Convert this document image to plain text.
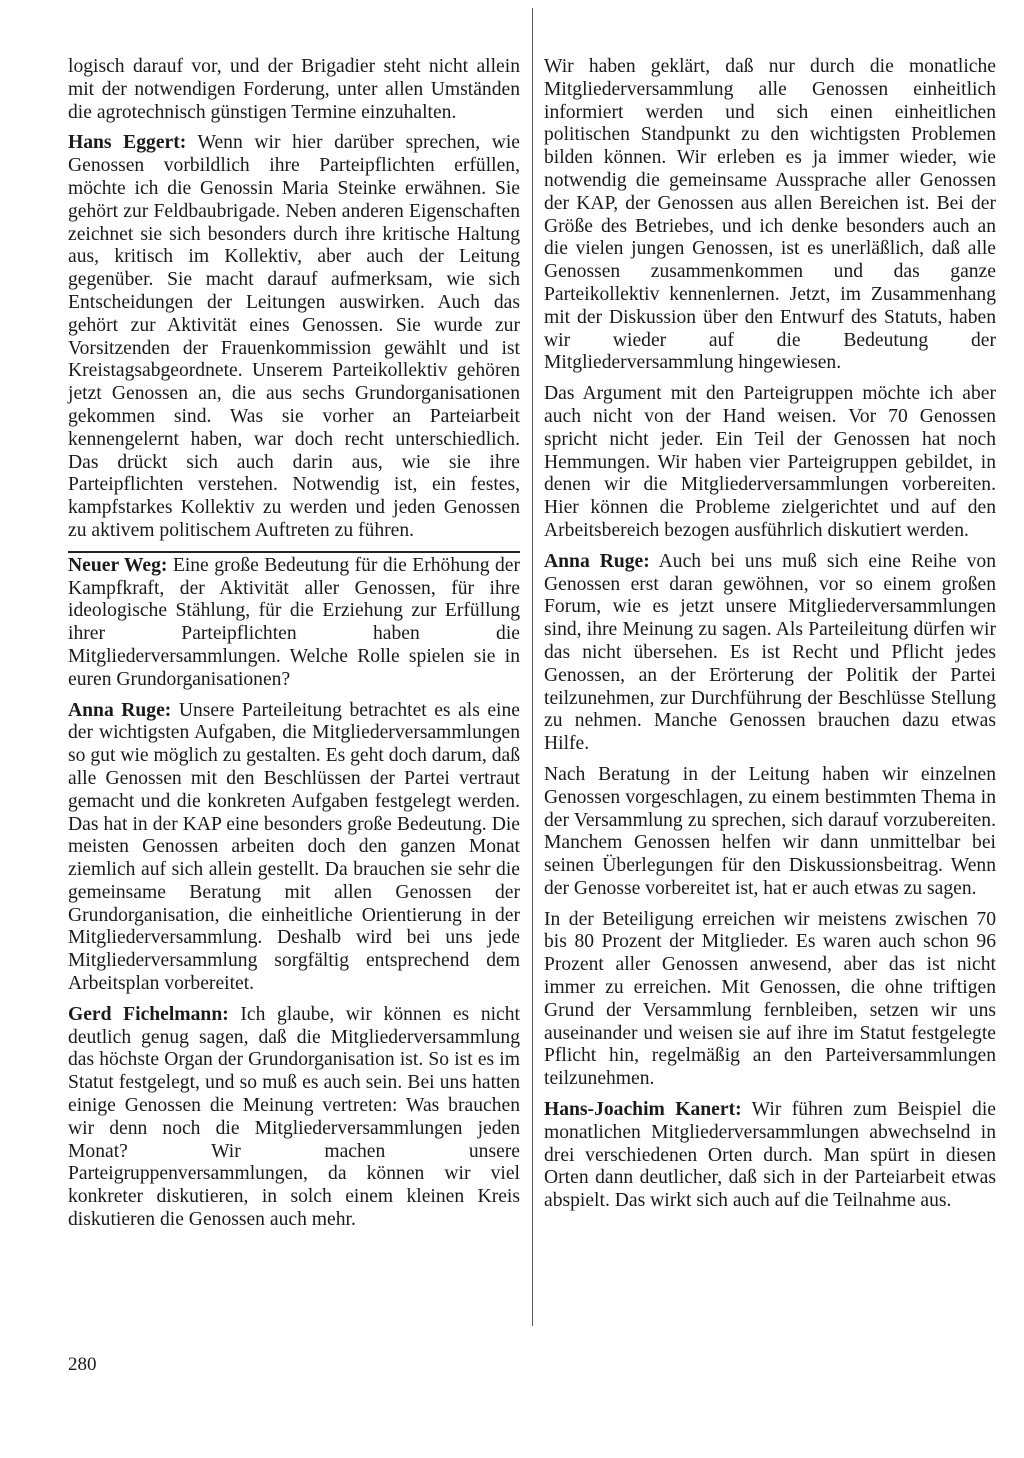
logisch darauf vor, und der Brigadier steht nicht allein mit der notwendigen Forderung, unter allen Umständen die agrotechnisch günstigen Termine einzuhalten.

Hans Eggert: Wenn wir hier darüber sprechen, wie Genossen vorbildlich ihre Parteipflichten erfüllen, möchte ich die Genossin Maria Steinke erwähnen. Sie gehört zur Feldbaubrigade. Neben anderen Eigenschaften zeichnet sie sich besonders durch ihre kritische Haltung aus, kritisch im Kollektiv, aber auch der Leitung gegenüber. Sie macht darauf aufmerksam, wie sich Entscheidungen der Leitungen auswirken. Auch das gehört zur Aktivität eines Genossen. Sie wurde zur Vorsitzenden der Frauenkommission gewählt und ist Kreistagsabgeordnete. Unserem Parteikollektiv gehören jetzt Genossen an, die aus sechs Grundorganisationen gekommen sind. Was sie vorher an Parteiarbeit kennengelernt haben, war doch recht unterschiedlich. Das drückt sich auch darin aus, wie sie ihre Parteipflichten verstehen. Notwendig ist, ein festes, kampfstarkes Kollektiv zu werden und jeden Genossen zu aktivem politischem Auftreten zu führen.

Neuer Weg: Eine große Bedeutung für die Erhöhung der Kampfkraft, der Aktivität aller Genossen, für ihre ideologische Stählung, für die Erziehung zur Erfüllung ihrer Parteipflichten haben die Mitgliederversammlungen. Welche Rolle spielen sie in euren Grundorganisationen?

Anna Ruge: Unsere Parteileitung betrachtet es als eine der wichtigsten Aufgaben, die Mitgliederversammlungen so gut wie möglich zu gestalten. Es geht doch darum, daß alle Genossen mit den Beschlüssen der Partei vertraut gemacht und die konkreten Aufgaben festgelegt werden. Das hat in der KAP eine besonders große Bedeutung. Die meisten Genossen arbeiten doch den ganzen Monat ziemlich auf sich allein gestellt. Da brauchen sie sehr die gemeinsame Beratung mit allen Genossen der Grundorganisation, die einheitliche Orientierung in der Mitgliederversammlung. Deshalb wird bei uns jede Mitgliederversammlung sorgfältig entsprechend dem Arbeitsplan vorbereitet.

Gerd Fichelmann: Ich glaube, wir können es nicht deutlich genug sagen, daß die Mitgliederversammlung das höchste Organ der Grundorganisation ist. So ist es im Statut festgelegt, und so muß es auch sein. Bei uns hatten einige Genossen die Meinung vertreten: Was brauchen wir denn noch die Mitgliederversammlungen jeden Monat? Wir machen unsere Parteigruppenversammlungen, da können wir viel konkreter diskutieren, in solch einem kleinen Kreis diskutieren die Genossen auch mehr.

Wir haben geklärt, daß nur durch die monatliche Mitgliederversammlung alle Genossen einheitlich informiert werden und sich einen einheitlichen politischen Standpunkt zu den wichtigsten Problemen bilden können. Wir erleben es ja immer wieder, wie notwendig die gemeinsame Aussprache aller Genossen der KAP, der Genossen aus allen Bereichen ist. Bei der Größe des Betriebes, und ich denke besonders auch an die vielen jungen Genossen, ist es unerläßlich, daß alle Genossen zusammenkommen und das ganze Parteikollektiv kennenlernen. Jetzt, im Zusammenhang mit der Diskussion über den Entwurf des Statuts, haben wir wieder auf die Bedeutung der Mitgliederversammlung hingewiesen.

Das Argument mit den Parteigruppen möchte ich aber auch nicht von der Hand weisen. Vor 70 Genossen spricht nicht jeder. Ein Teil der Genossen hat noch Hemmungen. Wir haben vier Parteigruppen gebildet, in denen wir die Mitgliederversammlungen vorbereiten. Hier können die Probleme zielgerichtet und auf den Arbeitsbereich bezogen ausführlich diskutiert werden.

Anna Ruge: Auch bei uns muß sich eine Reihe von Genossen erst daran gewöhnen, vor so einem großen Forum, wie es jetzt unsere Mitgliederversammlungen sind, ihre Meinung zu sagen. Als Parteileitung dürfen wir das nicht übersehen. Es ist Recht und Pflicht jedes Genossen, an der Erörterung der Politik der Partei teilzunehmen, zur Durchführung der Beschlüsse Stellung zu nehmen. Manche Genossen brauchen dazu etwas Hilfe.

Nach Beratung in der Leitung haben wir einzelnen Genossen vorgeschlagen, zu einem bestimmten Thema in der Versammlung zu sprechen, sich darauf vorzubereiten. Manchem Genossen helfen wir dann unmittelbar bei seinen Überlegungen für den Diskussionsbeitrag. Wenn der Genosse vorbereitet ist, hat er auch etwas zu sagen.

In der Beteiligung erreichen wir meistens zwischen 70 bis 80 Prozent der Mitglieder. Es waren auch schon 96 Prozent aller Genossen anwesend, aber das ist nicht immer zu erreichen. Mit Genossen, die ohne triftigen Grund der Versammlung fernbleiben, setzen wir uns auseinander und weisen sie auf ihre im Statut festgelegte Pflicht hin, regelmäßig an den Parteiversammlungen teilzunehmen.

Hans-Joachim Kanert: Wir führen zum Beispiel die monatlichen Mitgliederversammlungen abwechselnd in drei verschiedenen Orten durch. Man spürt in diesen Orten dann deutlicher, daß sich in der Parteiarbeit etwas abspielt. Das wirkt sich auch auf die Teilnahme aus.

280
